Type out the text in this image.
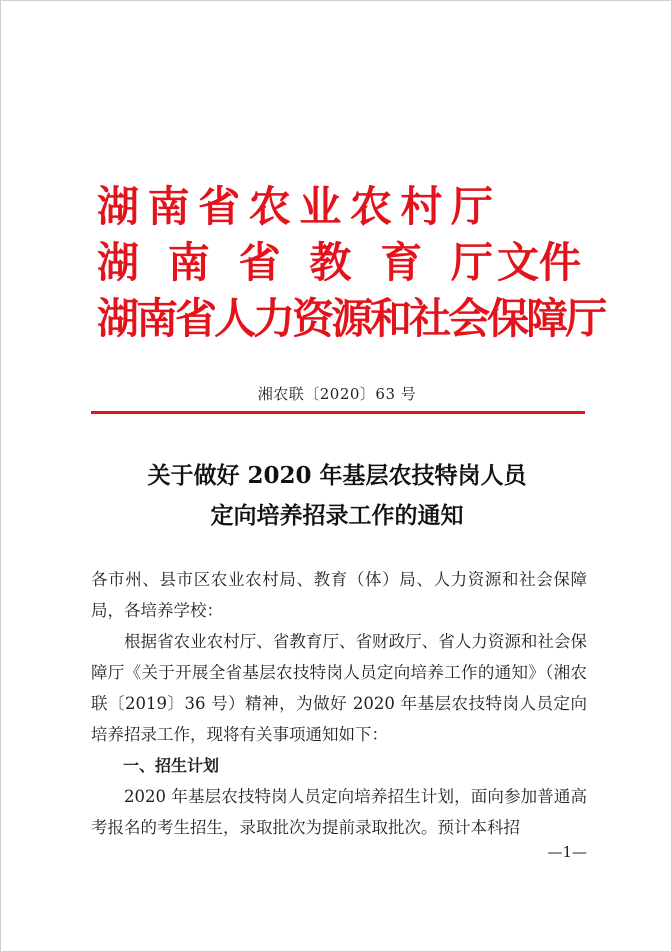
湖 南 省 农 业 农 村 厅
湖 南 省 教 育 厅 文件
湖 南 省 人 力 资 源 和 社 会 保 障 厅
湘农联〔2020〕63 号
关于做好 2020 年基层农技特岗人员
定向培养招录工作的通知

各市州、县市区农业农村局、教育（体）局、人力资源和社会保障局，各培养学校：

根据省农业农村厅、省教育厅、省财政厅、省人力资源和社会保障厅《关于开展全省基层农技特岗人员定向培养工作的通知》（湘农联〔2019〕36 号）精神，为做好 2020 年基层农技特岗人员定向培养招录工作，现将有关事项通知如下：

一、招生计划

2020 年基层农技特岗人员定向培养招生计划，面向参加普通高考报名的考生招生，录取批次为提前录取批次。预计本科招

—1—
